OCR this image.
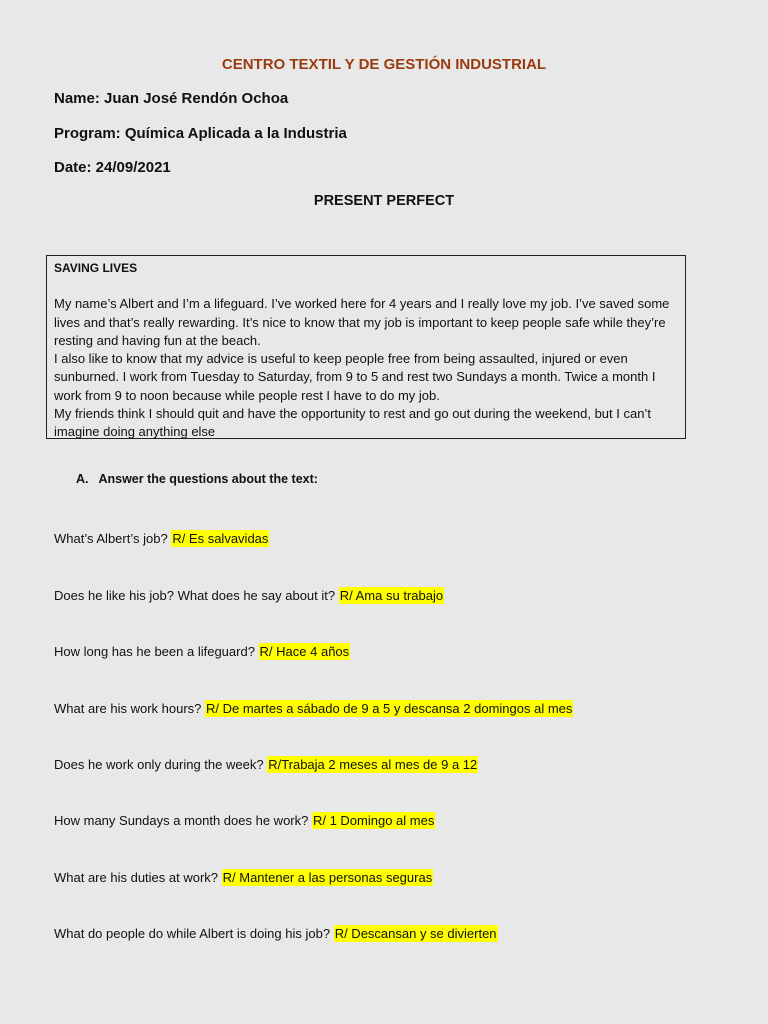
CENTRO TEXTIL Y DE GESTIÓN INDUSTRIAL
Name: Juan José Rendón Ochoa
Program: Química Aplicada a la Industria
Date: 24/09/2021
PRESENT PERFECT
SAVING LIVES

My name’s Albert and I’m a lifeguard. I’ve worked here for 4 years and I really love my job. I’ve saved some lives and that’s really rewarding. It’s nice to know that my job is important to keep people safe while they’re resting and having fun at the beach.

I also like to know that my advice is useful to keep people free from being assaulted, injured or even sunburned. I work from Tuesday to Saturday, from 9 to 5 and rest two Sundays a month. Twice a month I work from 9 to noon because while people rest I have to do my job.

My friends think I should quit and have the opportunity to rest and go out during the weekend, but I can’t imagine doing anything else

A.   Answer the questions about the text:
What’s Albert’s job? R/ Es salvavidas
Does he like his job? What does he say about it? R/ Ama su trabajo
How long has he been a lifeguard? R/ Hace 4 años
What are his work hours? R/ De martes a sábado de 9 a 5 y descansa 2 domingos al mes
Does he work only during the week? R/Trabaja 2 meses al mes de 9 a 12
How many Sundays a month does he work? R/ 1 Domingo al mes
What are his duties at work? R/ Mantener a las personas seguras
What do people do while Albert is doing his job? R/ Descansan y se divierten
